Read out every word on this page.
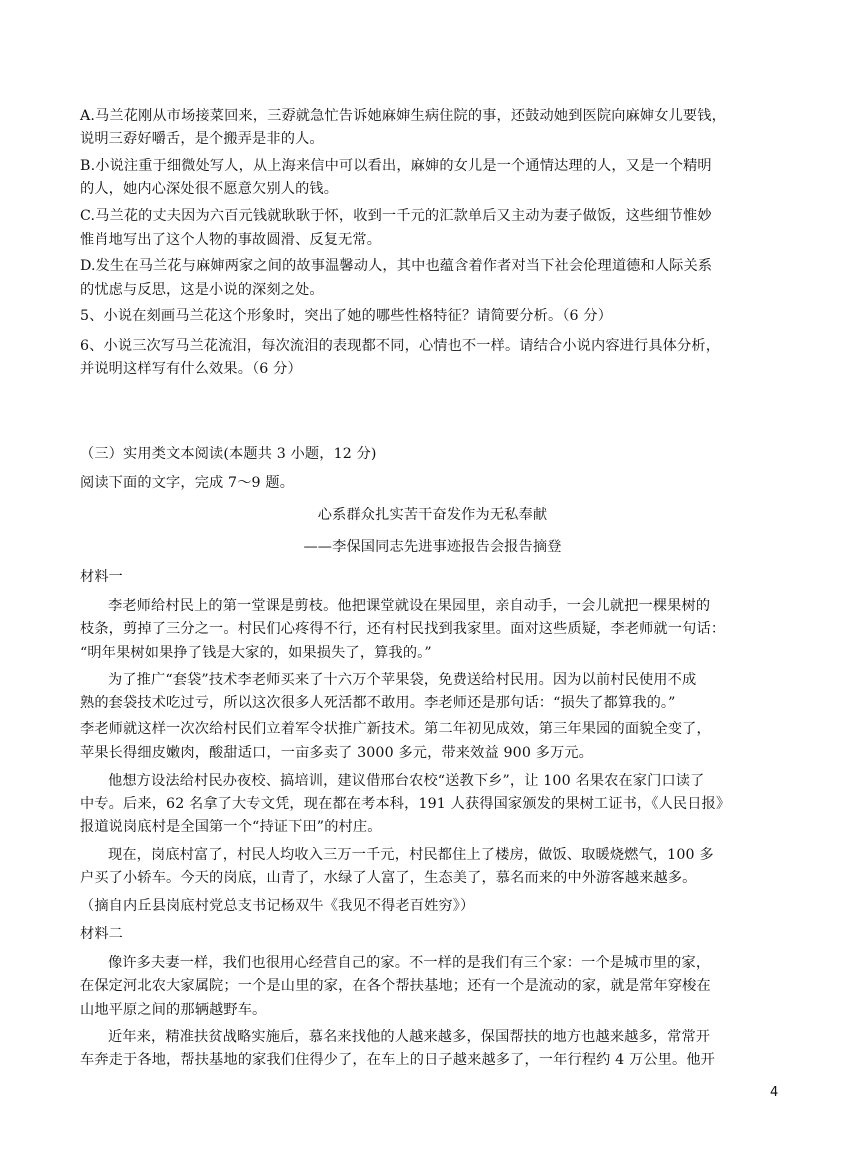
A.马兰花刚从市场接菜回来，三孬就急忙告诉她麻婶生病住院的事，还鼓动她到医院向麻婶女儿要钱，
说明三孬好嚼舌，是个搬弄是非的人。
B.小说注重于细微处写人，从上海来信中可以看出，麻婶的女儿是一个通情达理的人，又是一个精明
的人，她内心深处很不愿意欠别人的钱。
C.马兰花的丈夫因为六百元钱就耿耿于怀，收到一千元的汇款单后又主动为妻子做饭，这些细节惟妙
惟肖地写出了这个人物的事故圆滑、反复无常。
D.发生在马兰花与麻婶两家之间的故事温馨动人，其中也蕴含着作者对当下社会伦理道德和人际关系
的忧虑与反思，这是小说的深刻之处。
5、小说在刻画马兰花这个形象时，突出了她的哪些性格特征？请简要分析。（6 分）
6、小说三次写马兰花流泪，每次流泪的表现都不同，心情也不一样。请结合小说内容进行具体分析，
并说明这样写有什么效果。（6 分）
（三）实用类文本阅读(本题共 3 小题，12 分)
阅读下面的文字，完成 7～9 题。
心系群众扎实苦干奋发作为无私奉献
——李保国同志先进事迹报告会报告摘登
材料一
李老师给村民上的第一堂课是剪枝。他把课堂就设在果园里，亲自动手，一会儿就把一棵果树的
枝条，剪掉了三分之一。村民们心疼得不行，还有村民找到我家里。面对这些质疑，李老师就一句话：
“明年果树如果挣了钱是大家的，如果损失了，算我的。”
为了推广“套袋”技术李老师买来了十六万个苹果袋，免费送给村民用。因为以前村民使用不成
熟的套袋技术吃过亏，所以这次很多人死活都不敢用。李老师还是那句话：“损失了都算我的。”
李老师就这样一次次给村民们立着军令状推广新技术。第二年初见成效，第三年果园的面貌全变了，
苹果长得细皮嫩肉，酸甜适口，一亩多卖了 3000 多元，带来效益 900 多万元。
他想方设法给村民办夜校、搞培训，建议借邢台农校“送教下乡”，让 100 名果农在家门口读了
中专。后来，62 名拿了大专文凭，现在都在考本科，191 人获得国家颁发的果树工证书，《人民日报》
报道说岗底村是全国第一个“持证下田”的村庄。
现在，岗底村富了，村民人均收入三万一千元，村民都住上了楼房，做饭、取暖烧燃气，100 多
户买了小轿车。今天的岗底，山青了，水绿了人富了，生态美了，慕名而来的中外游客越来越多。
（摘自内丘县岗底村党总支书记杨双牛《我见不得老百姓穷》）
材料二
像许多夫妻一样，我们也很用心经营自己的家。不一样的是我们有三个家：一个是城市里的家，
在保定河北农大家属院；一个是山里的家，在各个帮扶基地；还有一个是流动的家，就是常年穿梭在
山地平原之间的那辆越野车。
近年来，精准扶贫战略实施后，慕名来找他的人越来越多，保国帮扶的地方也越来越多，常常开
车奔走于各地，帮扶基地的家我们住得少了，在车上的日子越来越多了，一年行程约 4 万公里。他开
4
